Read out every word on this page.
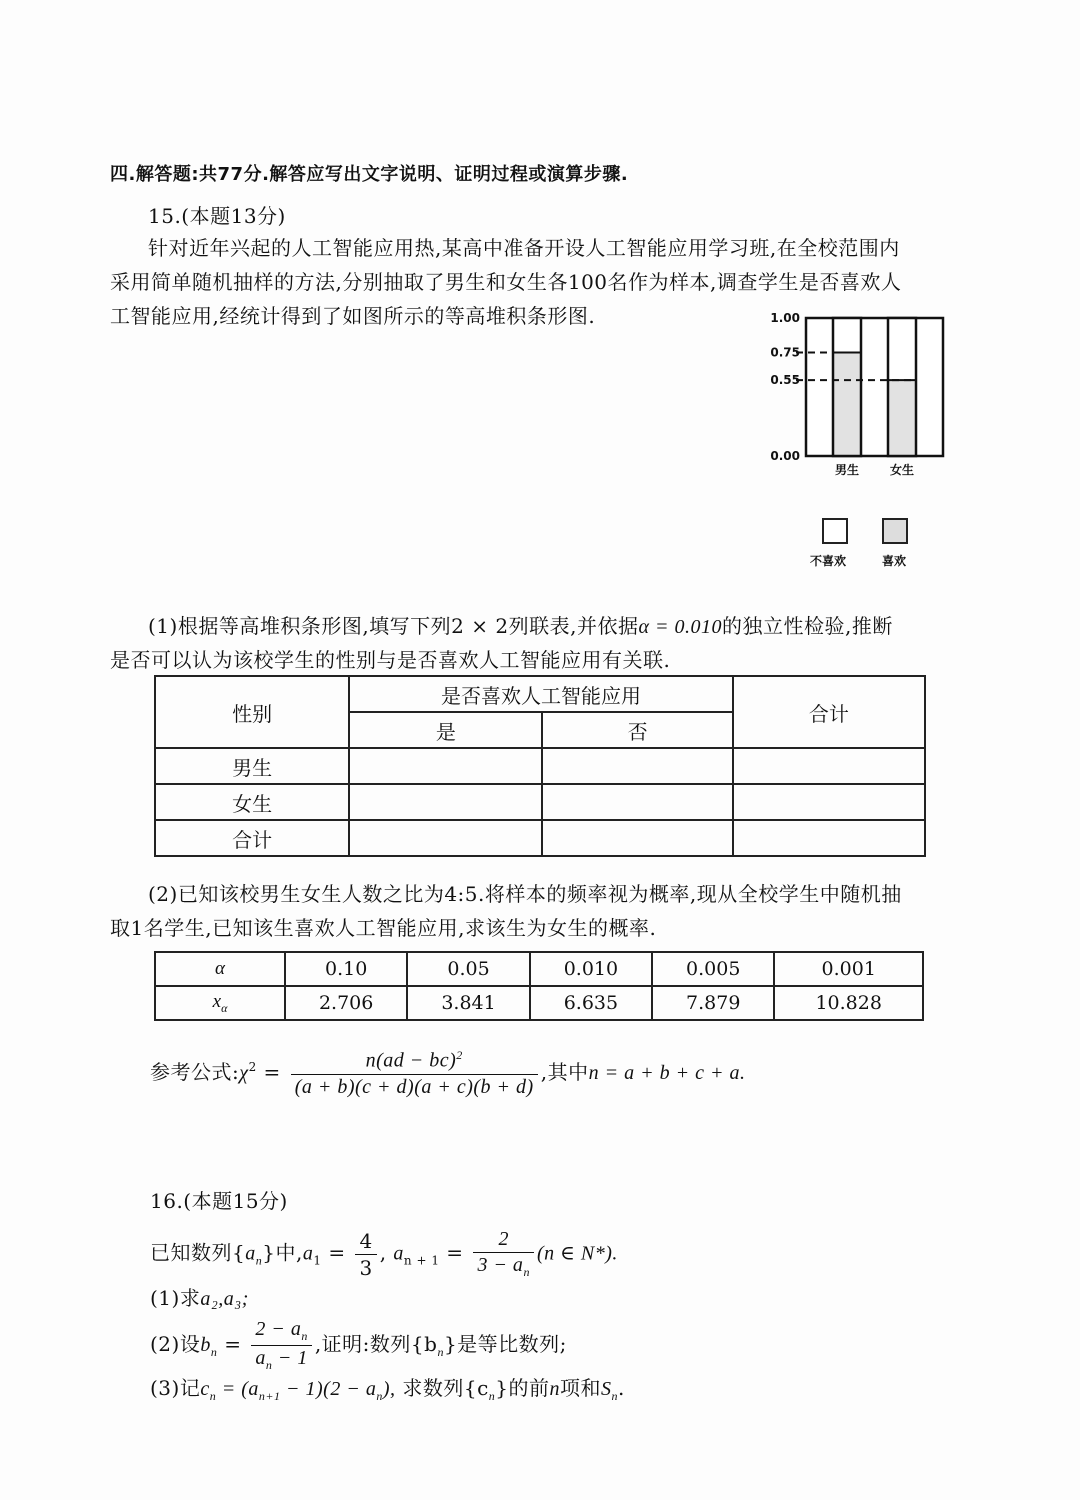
四.解答题:共77分.解答应写出文字说明、证明过程或演算步骤.
15.(本题13分)
针对近年兴起的人工智能应用热,某高中准备开设人工智能应用学习班,在全校范围内
采用简单随机抽样的方法,分别抽取了男生和女生各100名作为样本,调查学生是否喜欢人
工智能应用,经统计得到了如图所示的等高堆积条形图.
男生	女生
0.00
0.55
0.75
1.00
不喜欢	喜欢
(1)根据等高堆积条形图,填写下列2 × 2列联表,并依据α = 0.010的独立性检验,推断
是否可以认为该校学生的性别与是否喜欢人工智能应用有关联.
性别	是否喜欢人工智能应用		合计
	是	否	
男生			
女生			
合计			
(2)已知该校男生女生人数之比为4:5.将样本的频率视为概率,现从全校学生中随机抽
取1名学生,已知该生喜欢人工智能应用,求该生为女生的概率.
α	0.10	0.05	0.010	0.005	0.001
$x_\alpha$	2.706	3.841	6.635	7.879	10.828
参考公式$:\chi^2 = \frac{n(ad - bc)^2}{(a + b)(c + d)(a + c)(b + d)}$ ,其中n = a + b + c + a.
16.(本题15分)
已知数列$\{a_n\}$中$,a_1 = \frac{4}{3}$ , $a_{n + 1} = \frac{2}{3 - a_n} (n$ ∈ N*).
(1)求a₂,a₃;
(2)设$b_n = \frac{2 - a_n}{a_n - 1}$ ,证明:数列$\{b_n\}$是等比数列;
(3)记$c_n = (a_{n+1} - 1)(2 - a_n)$, 求数列$\{c_n\}$的前n项和$S_n$.
